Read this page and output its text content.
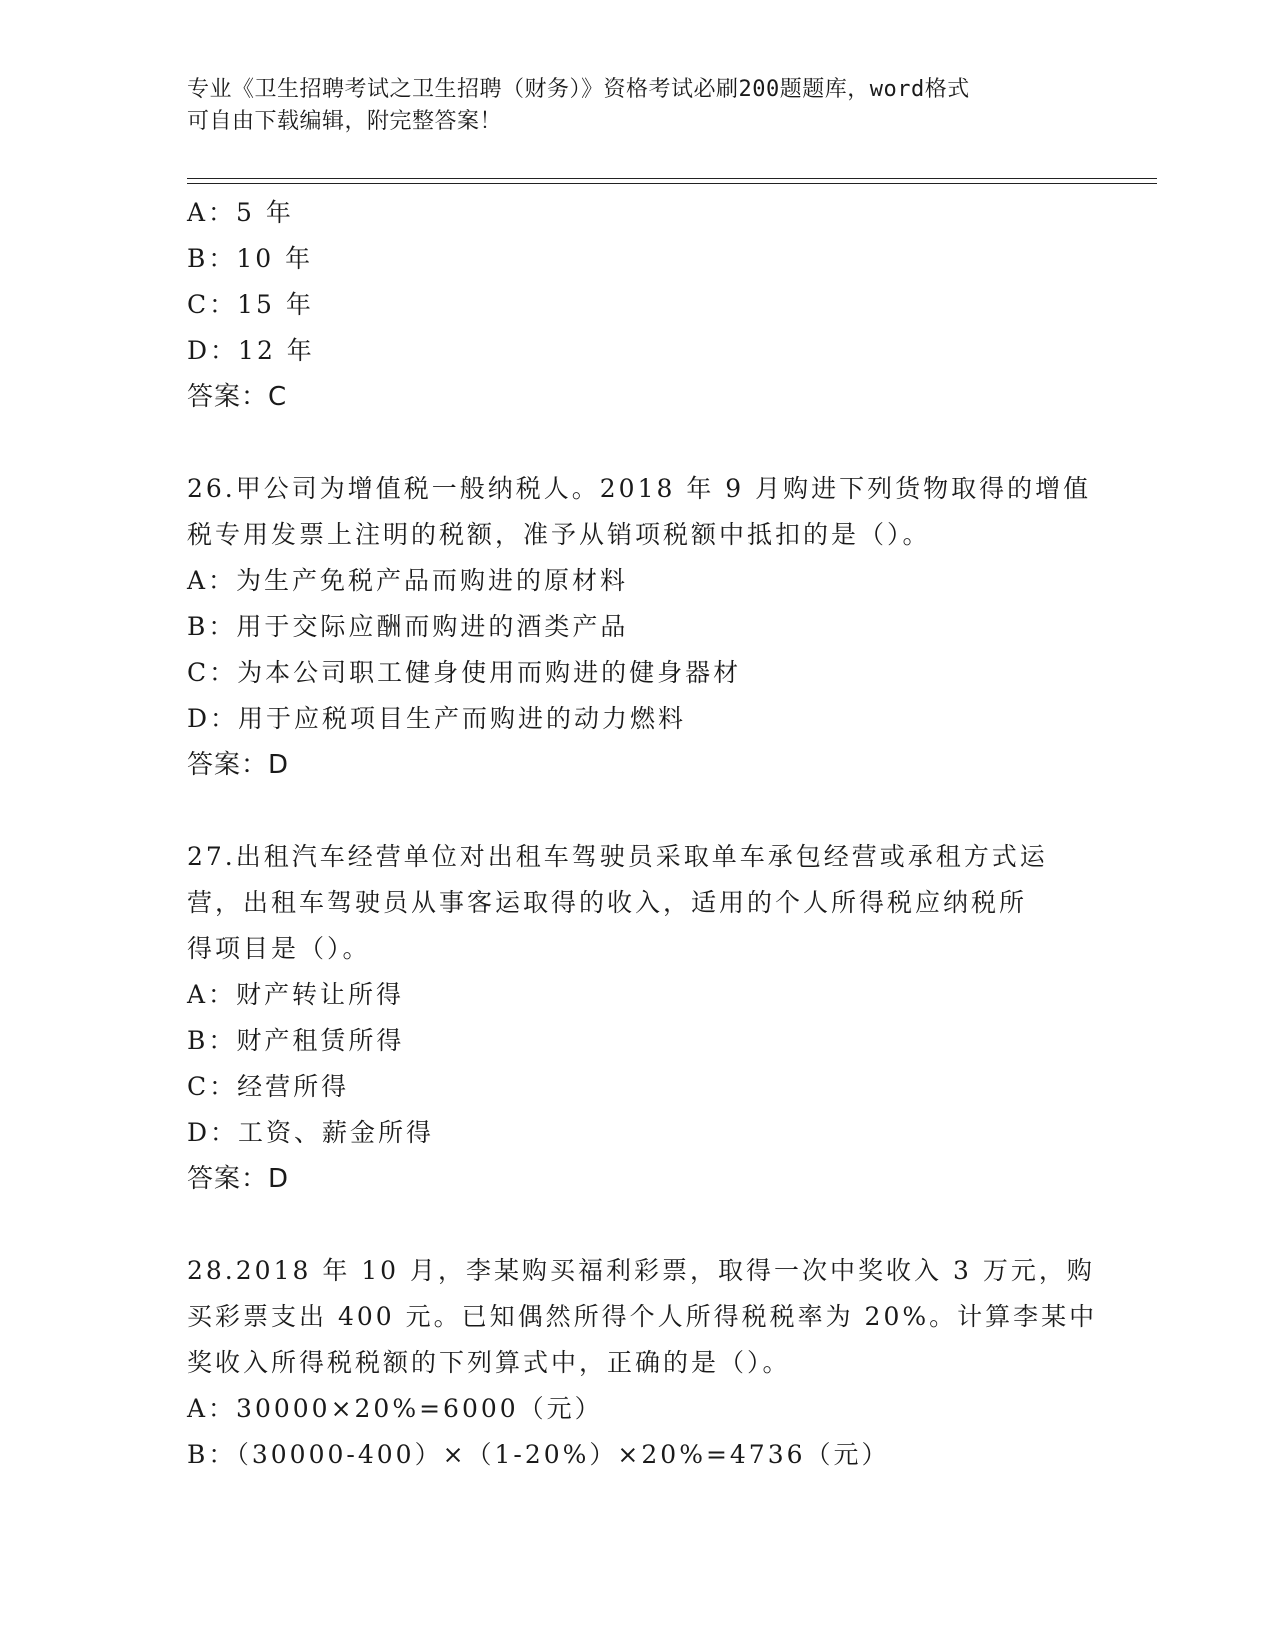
专业《卫生招聘考试之卫生招聘（财务）》资格考试必刷200题题库，word格式
可自由下载编辑，附完整答案！
A：5 年
B：10 年
C：15 年
D：12 年
答案：C
26.甲公司为增值税一般纳税人。2018 年 9 月购进下列货物取得的增值
税专用发票上注明的税额，准予从销项税额中抵扣的是（）。
A：为生产免税产品而购进的原材料
B：用于交际应酬而购进的酒类产品
C：为本公司职工健身使用而购进的健身器材
D：用于应税项目生产而购进的动力燃料
答案：D
27.出租汽车经营单位对出租车驾驶员采取单车承包经营或承租方式运
营，出租车驾驶员从事客运取得的收入，适用的个人所得税应纳税所
得项目是（）。
A：财产转让所得
B：财产租赁所得
C：经营所得
D：工资、薪金所得
答案：D
28.2018 年 10 月，李某购买福利彩票，取得一次中奖收入 3 万元，购
买彩票支出 400 元。已知偶然所得个人所得税税率为 20%。计算李某中
奖收入所得税税额的下列算式中，正确的是（）。
A：30000×20%=6000（元）
B：（30000-400）×（1-20%）×20%=4736（元）
